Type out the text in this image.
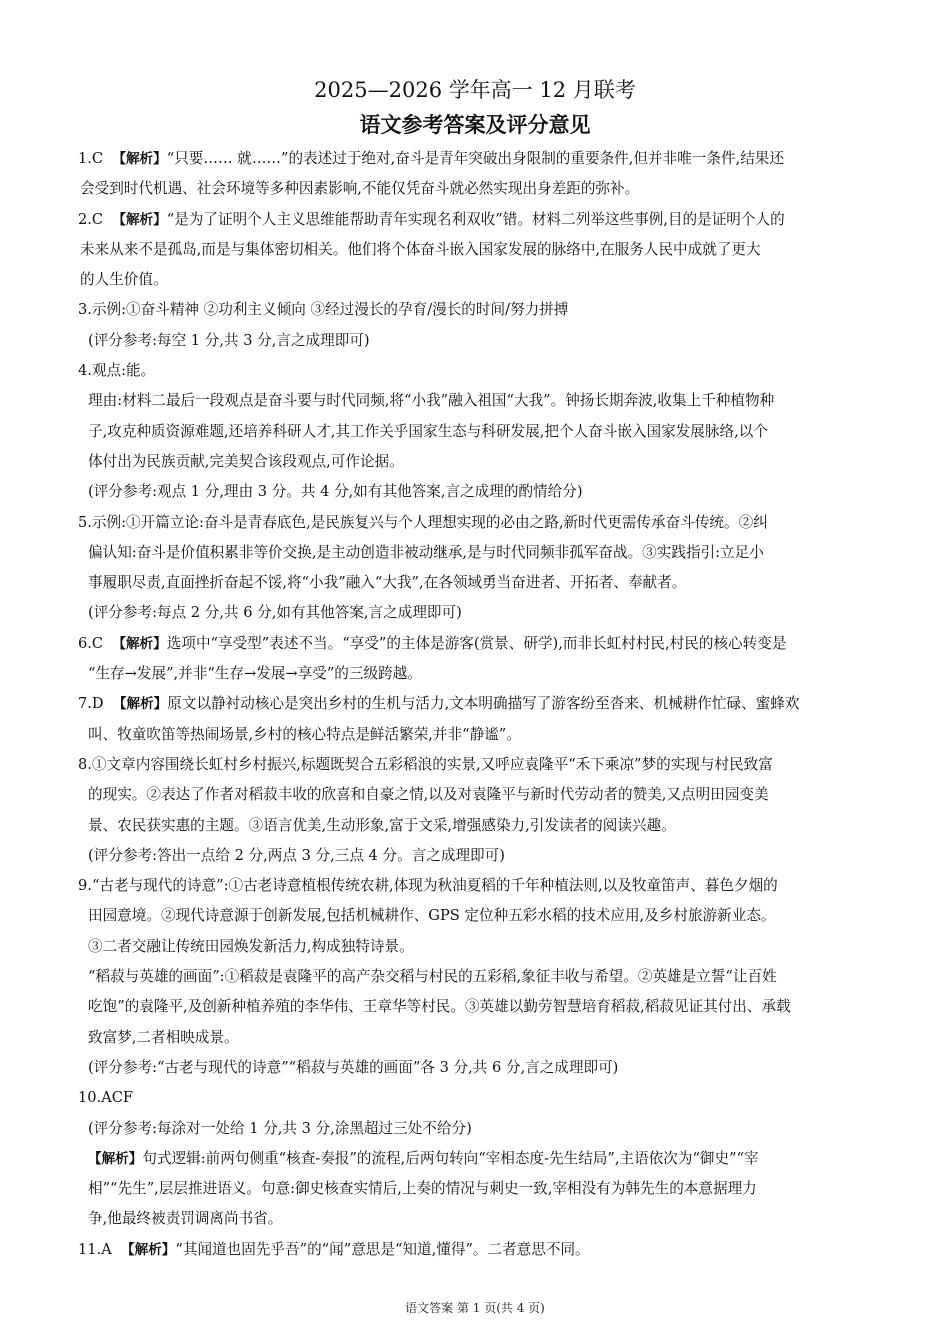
2025—2026 学年高一 12 月联考
语文参考答案及评分意见
1.C 【解析】“只要…… 就……”的表述过于绝对,奋斗是青年突破出身限制的重要条件,但并非唯一条件,结果还
会受到时代机遇、社会环境等多种因素影响,不能仅凭奋斗就必然实现出身差距的弥补。
2.C 【解析】“是为了证明个人主义思维能帮助青年实现名利双收”错。材料二列举这些事例,目的是证明个人的
未来从来不是孤岛,而是与集体密切相关。他们将个体奋斗嵌入国家发展的脉络中,在服务人民中成就了更大
的人生价值。
3.示例:①奋斗精神 ②功利主义倾向 ③经过漫长的孕育/漫长的时间/努力拼搏
(评分参考:每空 1 分,共 3 分,言之成理即可)
4.观点:能。
理由:材料二最后一段观点是奋斗要与时代同频,将“小我”融入祖国“大我”。钟扬长期奔波,收集上千种植物种
子,攻克种质资源难题,还培养科研人才,其工作关乎国家生态与科研发展,把个人奋斗嵌入国家发展脉络,以个
体付出为民族贡献,完美契合该段观点,可作论据。
(评分参考:观点 1 分,理由 3 分。共 4 分,如有其他答案,言之成理的酌情给分)
5.示例:①开篇立论:奋斗是青春底色,是民族复兴与个人理想实现的必由之路,新时代更需传承奋斗传统。②纠
偏认知:奋斗是价值积累非等价交换,是主动创造非被动继承,是与时代同频非孤军奋战。③实践指引:立足小
事履职尽责,直面挫折奋起不馁,将“小我”融入“大我”,在各领域勇当奋进者、开拓者、奉献者。
(评分参考:每点 2 分,共 6 分,如有其他答案,言之成理即可)
6.C 【解析】选项中“享受型”表述不当。“享受”的主体是游客(赏景、研学),而非长虹村村民,村民的核心转变是
“生存→发展”,并非“生存→发展→享受”的三级跨越。
7.D 【解析】原文以静衬动核心是突出乡村的生机与活力,文本明确描写了游客纷至沓来、机械耕作忙碌、蜜蜂欢
叫、牧童吹笛等热闹场景,乡村的核心特点是鲜活繁荣,并非“静谧”。
8.①文章内容围绕长虹村乡村振兴,标题既契合五彩稻浪的实景,又呼应袁隆平“禾下乘凉”梦的实现与村民致富
的现实。②表达了作者对稻菽丰收的欣喜和自豪之情,以及对袁隆平与新时代劳动者的赞美,又点明田园变美
景、农民获实惠的主题。③语言优美,生动形象,富于文采,增强感染力,引发读者的阅读兴趣。
(评分参考:答出一点给 2 分,两点 3 分,三点 4 分。言之成理即可)
9.“古老与现代的诗意”:①古老诗意植根传统农耕,体现为秋油夏稻的千年种植法则,以及牧童笛声、暮色夕烟的
田园意境。②现代诗意源于创新发展,包括机械耕作、GPS 定位种五彩水稻的技术应用,及乡村旅游新业态。
③二者交融让传统田园焕发新活力,构成独特诗景。
“稻菽与英雄的画面”:①稻菽是袁隆平的高产杂交稻与村民的五彩稻,象征丰收与希望。②英雄是立誓“让百姓
吃饱”的袁隆平,及创新种植养殖的李华伟、王章华等村民。③英雄以勤劳智慧培育稻菽,稻菽见证其付出、承载
致富梦,二者相映成景。
(评分参考:“古老与现代的诗意”“稻菽与英雄的画面”各 3 分,共 6 分,言之成理即可)
10.ACF
(评分参考:每涂对一处给 1 分,共 3 分,涂黑超过三处不给分)
【解析】句式逻辑:前两句侧重“核查-奏报”的流程,后两句转向“宰相态度-先生结局”,主语依次为“御史”“宰
相”“先生”,层层推进语义。句意:御史核查实情后,上奏的情况与刺史一致,宰相没有为韩先生的本意据理力
争,他最终被责罚调离尚书省。
11.A 【解析】“其闻道也固先乎吾”的“闻”意思是“知道,懂得”。二者意思不同。
语文答案 第 1 页(共 4 页)
